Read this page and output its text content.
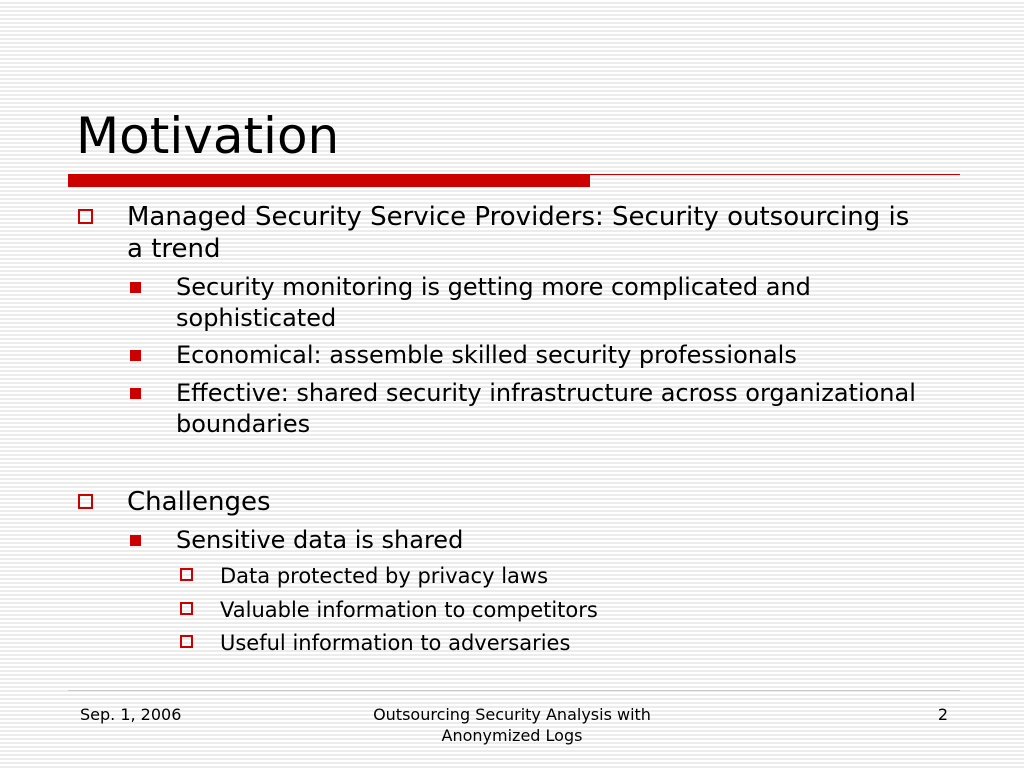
Motivation

Managed Security Service Providers: Security outsourcing is a trend

Security monitoring is getting more complicated and sophisticated

Economical: assemble skilled security professionals

Effective: shared security infrastructure across organizational boundaries

Challenges

Sensitive data is shared

Data protected by privacy laws

Valuable information to competitors

Useful information to adversaries

Sep. 1, 2006	Outsourcing Security Analysis with Anonymized Logs
2
